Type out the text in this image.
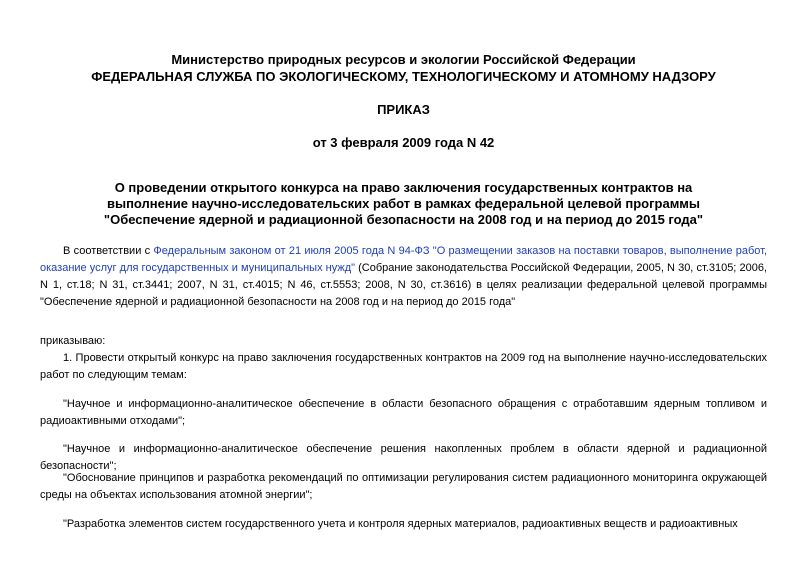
Министерство природных ресурсов и экологии Российской Федерации
ФЕДЕРАЛЬНАЯ СЛУЖБА ПО ЭКОЛОГИЧЕСКОМУ, ТЕХНОЛОГИЧЕСКОМУ И АТОМНОМУ НАДЗОРУ
ПРИКАЗ
от 3 февраля 2009 года N 42
О проведении открытого конкурса на право заключения государственных контрактов на выполнение научно-исследовательских работ в рамках федеральной целевой программы "Обеспечение ядерной и радиационной безопасности на 2008 год и на период до 2015 года"
В соответствии с Федеральным законом от 21 июля 2005 года N 94-ФЗ "О размещении заказов на поставки товаров, выполнение работ, оказание услуг для государственных и муниципальных нужд" (Собрание законодательства Российской Федерации, 2005, N 30, ст.3105; 2006, N 1, ст.18; N 31, ст.3441; 2007, N 31, ст.4015; N 46, ст.5553; 2008, N 30, ст.3616) в целях реализации федеральной целевой программы "Обеспечение ядерной и радиационной безопасности на 2008 год и на период до 2015 года"
приказываю:
1. Провести открытый конкурс на право заключения государственных контрактов на 2009 год на выполнение научно-исследовательских работ по следующим темам:
"Научное и информационно-аналитическое обеспечение в области безопасного обращения с отработавшим ядерным топливом и радиоактивными отходами";
"Научное и информационно-аналитическое обеспечение решения накопленных проблем в области ядерной и радиационной безопасности";
"Обоснование принципов и разработка рекомендаций по оптимизации регулирования систем радиационного мониторинга окружающей среды на объектах использования атомной энергии";
"Разработка элементов систем государственного учета и контроля ядерных материалов, радиоактивных веществ и радиоактивных
